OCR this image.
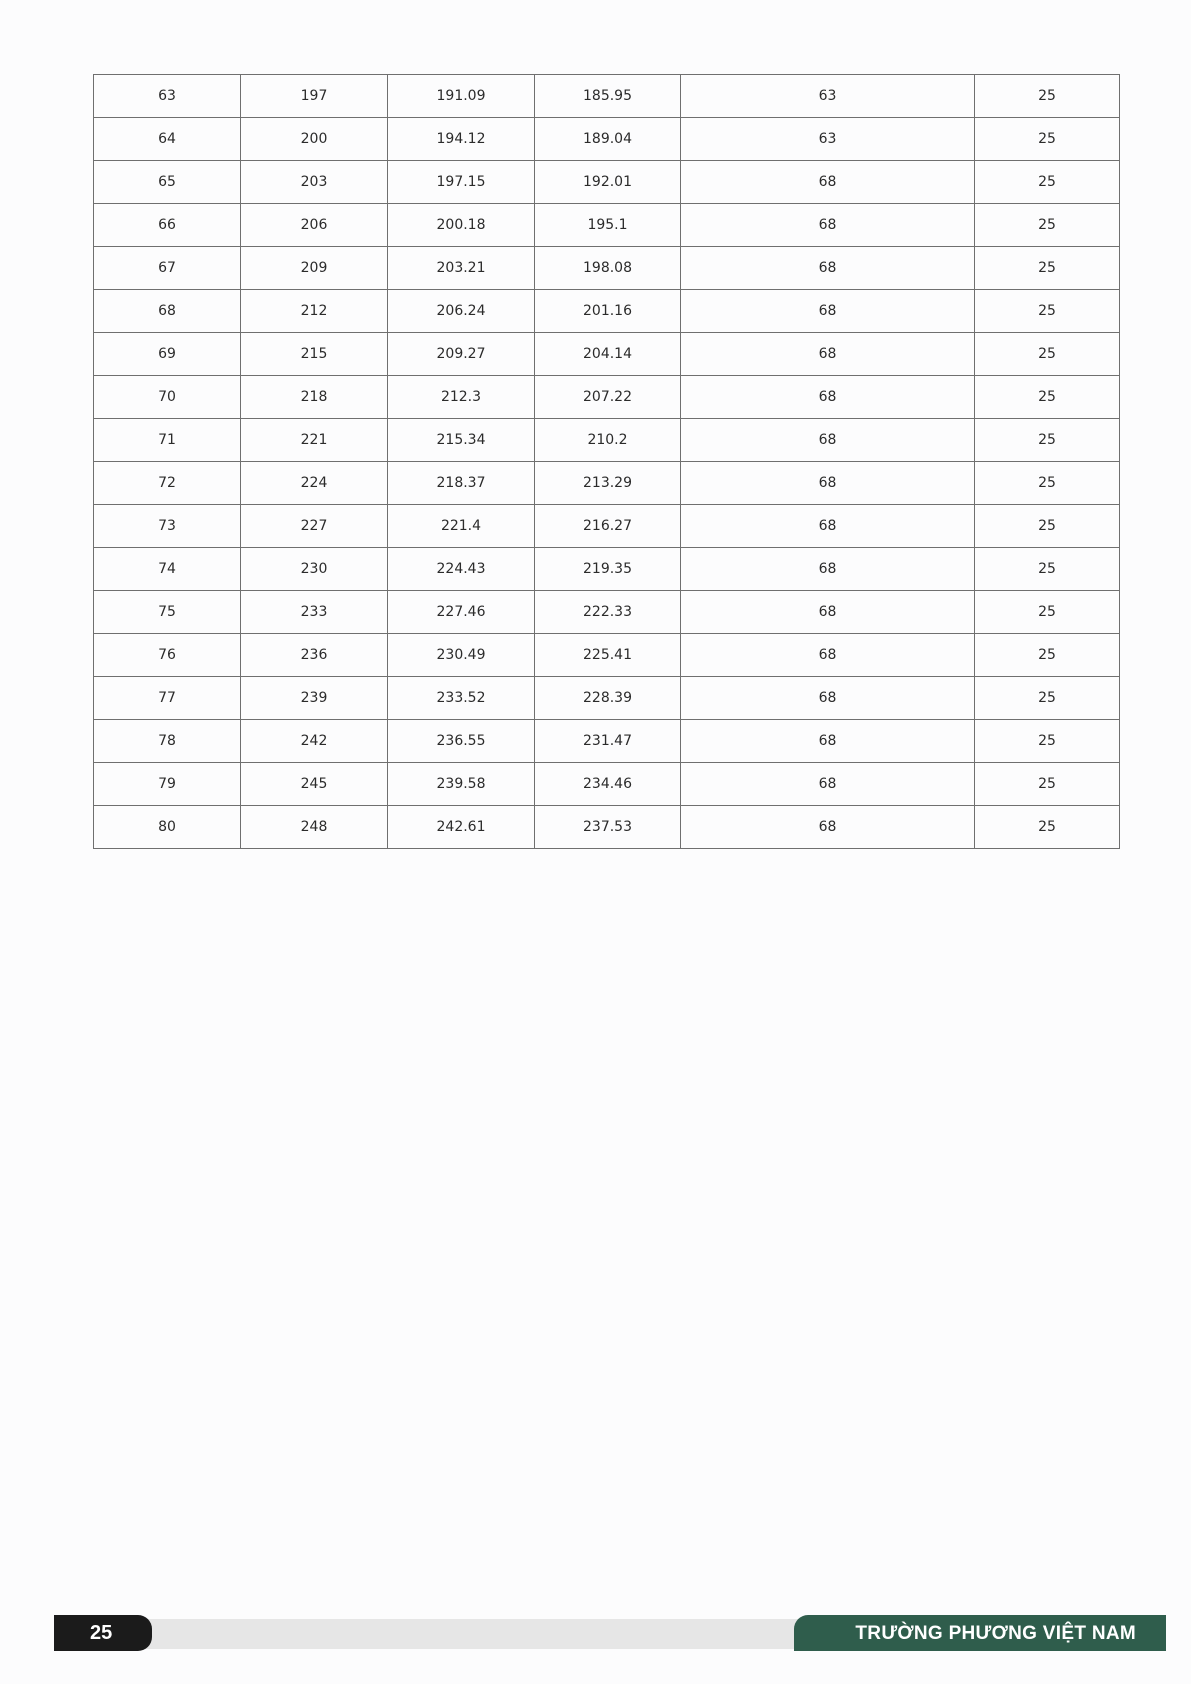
63	197	191.09	185.95	63	25
64	200	194.12	189.04	63	25
65	203	197.15	192.01	68	25
66	206	200.18	195.1	68	25
67	209	203.21	198.08	68	25
68	212	206.24	201.16	68	25
69	215	209.27	204.14	68	25
70	218	212.3	207.22	68	25
71	221	215.34	210.2	68	25
72	224	218.37	213.29	68	25
73	227	221.4	216.27	68	25
74	230	224.43	219.35	68	25
75	233	227.46	222.33	68	25
76	236	230.49	225.41	68	25
77	239	233.52	228.39	68	25
78	242	236.55	231.47	68	25
79	245	239.58	234.46	68	25
80	248	242.61	237.53	68	25
25	TRƯỜNG PHƯƠNG VIỆT NAM
